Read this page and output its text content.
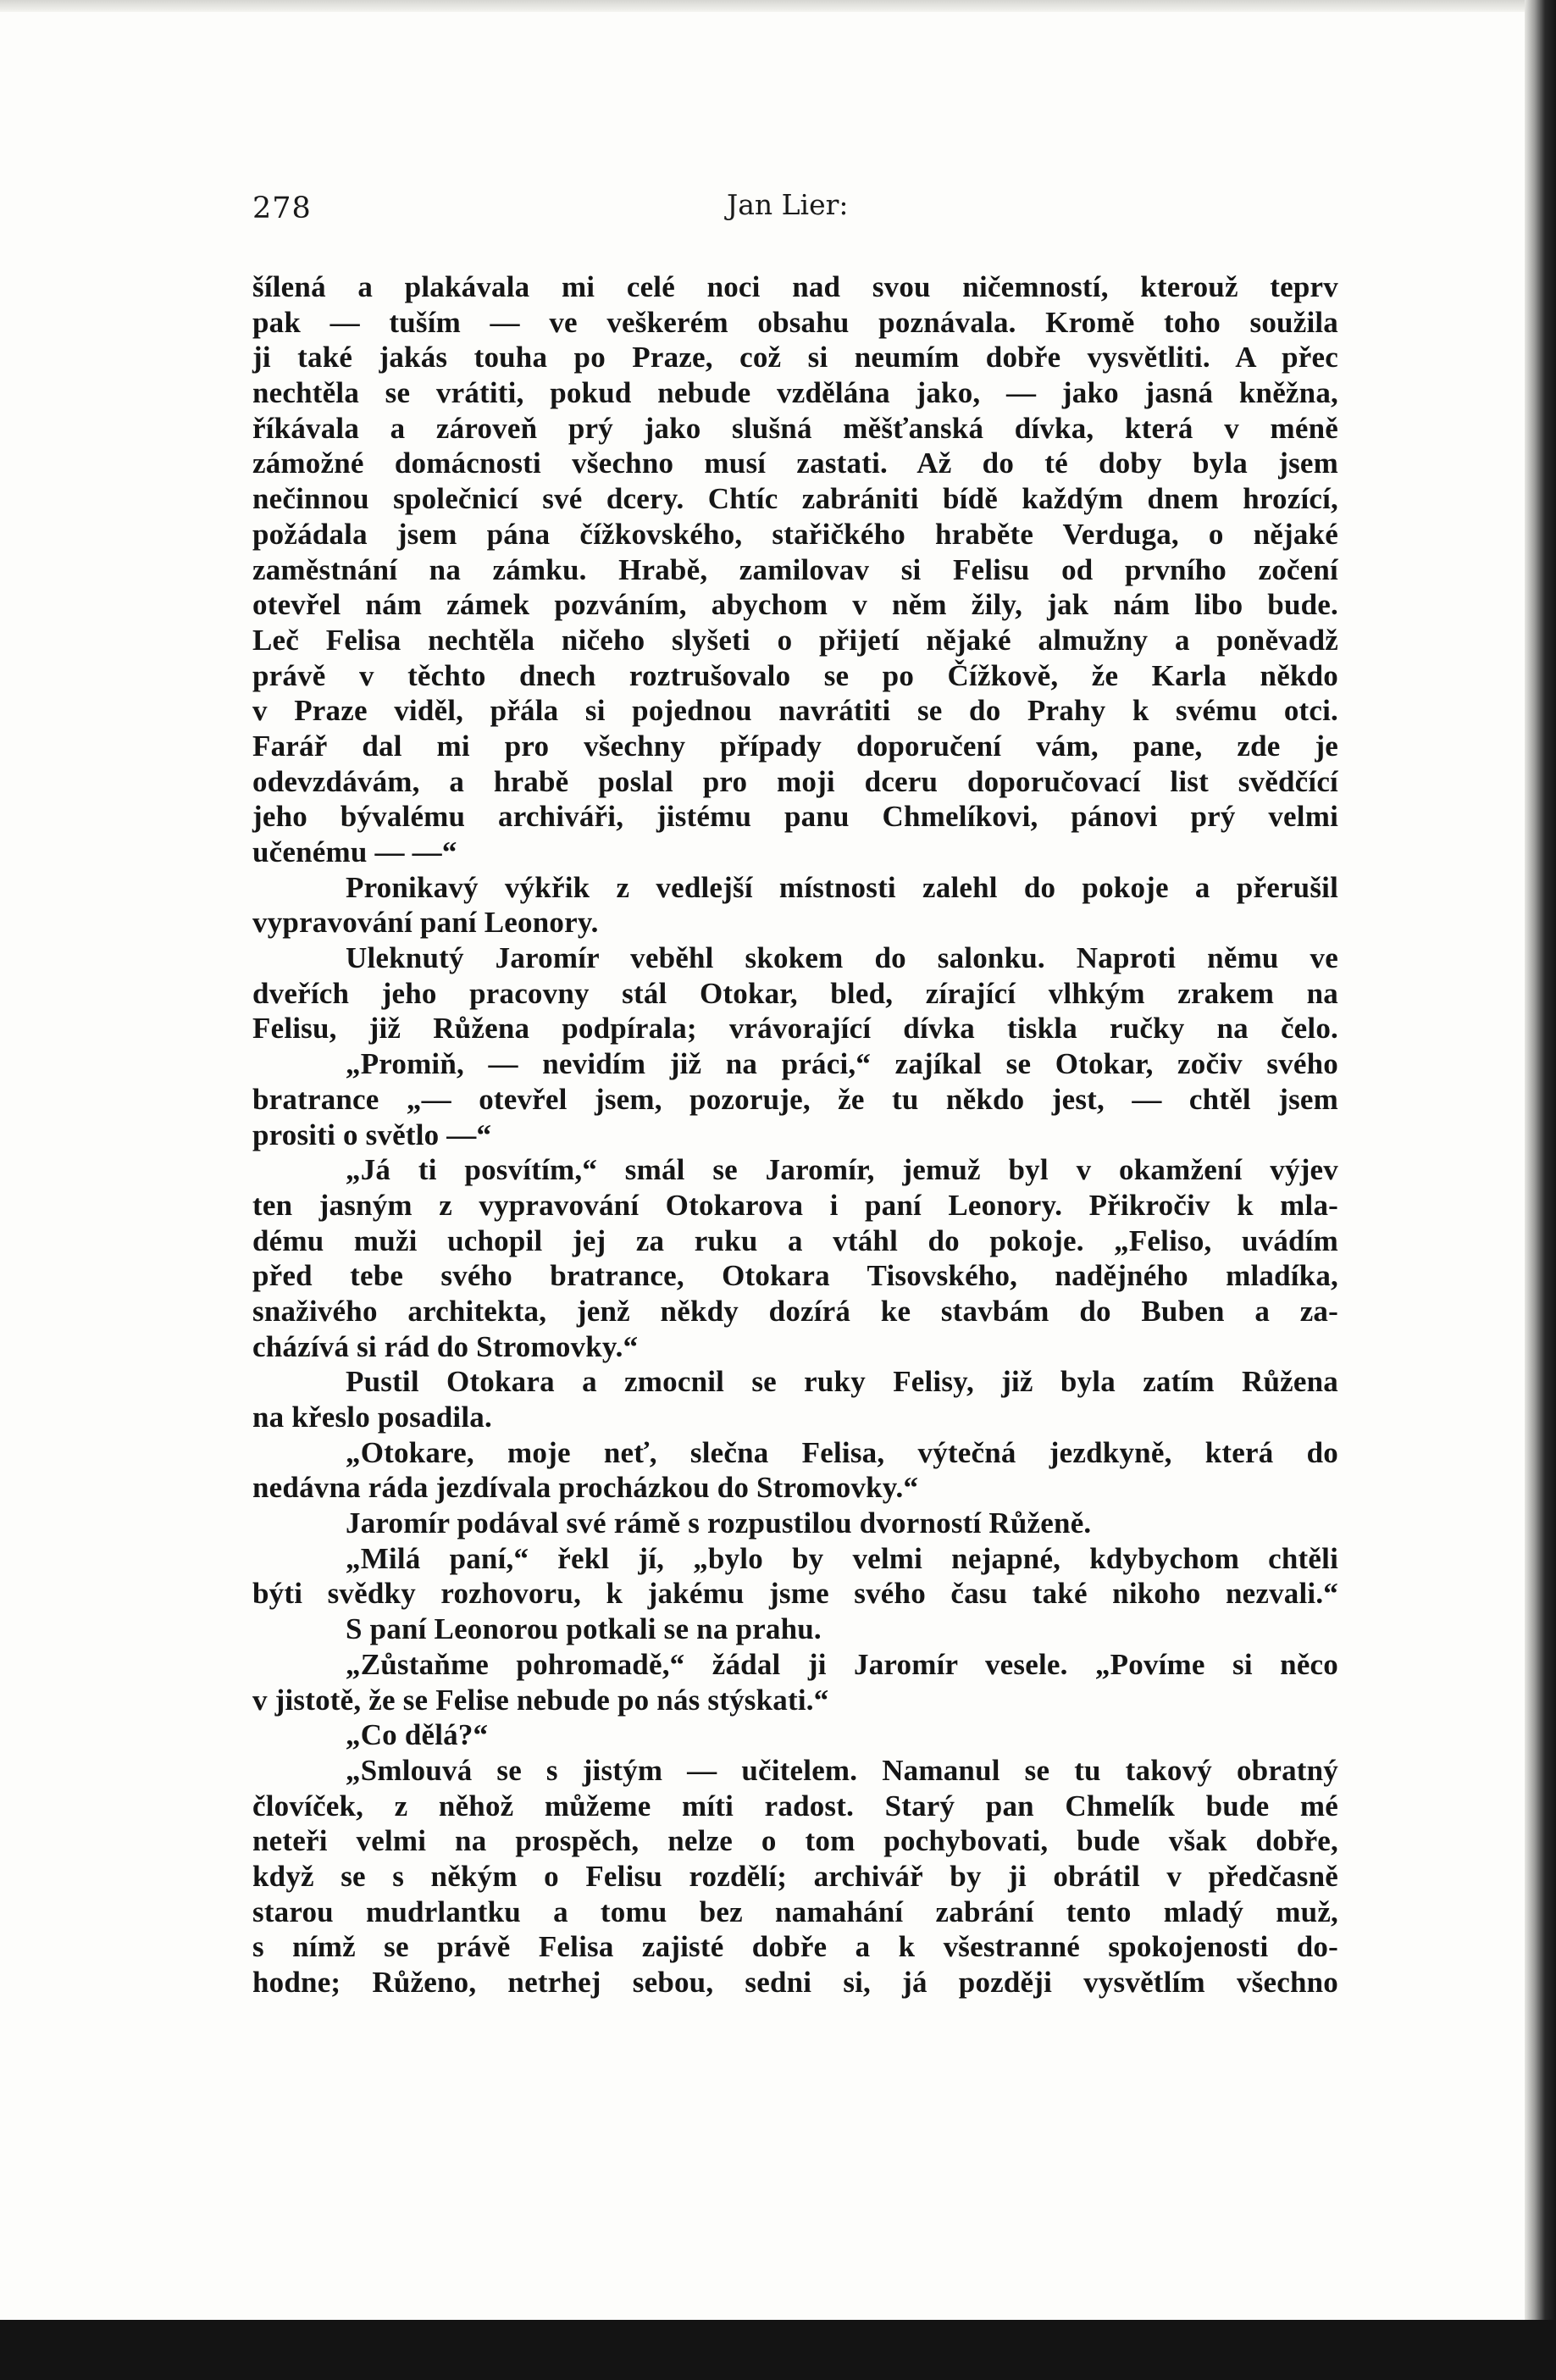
278	Jan Lier:
šílená a plakávala mi celé noci nad svou ničemností, kterouž teprv
pak — tuším — ve veškerém obsahu poznávala. Kromě toho soužila
ji také jakás touha po Praze, což si neumím dobře vysvětliti. A přec
nechtěla se vrátiti, pokud nebude vzdělána jako, — jako jasná kněžna,
říkávala a zároveň prý jako slušná měšťanská dívka, která v méně
zámožné domácnosti všechno musí zastati. Až do té doby byla jsem
nečinnou společnicí své dcery. Chtíc zabrániti bídě každým dnem hrozící,
požádala jsem pána čížkovského, stařičkého hraběte Verduga, o nějaké
zaměstnání na zámku. Hrabě, zamilovav si Felisu od prvního zočení
otevřel nám zámek pozváním, abychom v něm žily, jak nám libo bude.
Leč Felisa nechtěla ničeho slyšeti o přijetí nějaké almužny a poněvadž
právě v těchto dnech roztrušovalo se po Čížkově, že Karla někdo
v Praze viděl, přála si pojednou navrátiti se do Prahy k svému otci.
Farář dal mi pro všechny případy doporučení vám, pane, zde je
odevzdávám, a hrabě poslal pro moji dceru doporučovací list svědčící
jeho bývalému archiváři, jistému panu Chmelíkovi, pánovi prý velmi
učenému — —“
Pronikavý výkřik z vedlejší místnosti zalehl do pokoje a přerušil
vypravování paní Leonory.
Uleknutý Jaromír veběhl skokem do salonku. Naproti němu ve
dveřích jeho pracovny stál Otokar, bled, zírající vlhkým zrakem na
Felisu, již Růžena podpírala; vrávorající dívka tiskla ručky na čelo.
„Promiň, — nevidím již na práci,“ zajíkal se Otokar, zočiv svého
bratrance „— otevřel jsem, pozoruje, že tu někdo jest, — chtěl jsem
prositi o světlo —“
„Já ti posvítím,“ smál se Jaromír, jemuž byl v okamžení výjev
ten jasným z vypravování Otokarova i paní Leonory. Přikročiv k mla-
dému muži uchopil jej za ruku a vtáhl do pokoje. „Feliso, uvádím
před tebe svého bratrance, Otokara Tisovského, nadějného mladíka,
snaživého architekta, jenž někdy dozírá ke stavbám do Buben a za-
cházívá si rád do Stromovky.“
Pustil Otokara a zmocnil se ruky Felisy, již byla zatím Růžena
na křeslo posadila.
„Otokare, moje neť, slečna Felisa, výtečná jezdkyně, která do
nedávna ráda jezdívala procházkou do Stromovky.“
Jaromír podával své rámě s rozpustilou dvorností Růženě.
„Milá paní,“ řekl jí, „bylo by velmi nejapné, kdybychom chtěli
býti svědky rozhovoru, k jakému jsme svého času také nikoho nezvali.“
S paní Leonorou potkali se na prahu.
„Zůstaňme pohromadě,“ žádal ji Jaromír vesele. „Povíme si něco
v jistotě, že se Felise nebude po nás stýskati.“
„Co dělá?“
„Smlouvá se s jistým — učitelem. Namanul se tu takový obratný
človíček, z něhož můžeme míti radost. Starý pan Chmelík bude mé
neteři velmi na prospěch, nelze o tom pochybovati, bude však dobře,
když se s někým o Felisu rozdělí; archivář by ji obrátil v předčasně
starou mudrlantku a tomu bez namahání zabrání tento mladý muž,
s nímž se právě Felisa zajisté dobře a k všestranné spokojenosti do-
hodne; Růženo, netrhej sebou, sedni si, já později vysvětlím všechno
